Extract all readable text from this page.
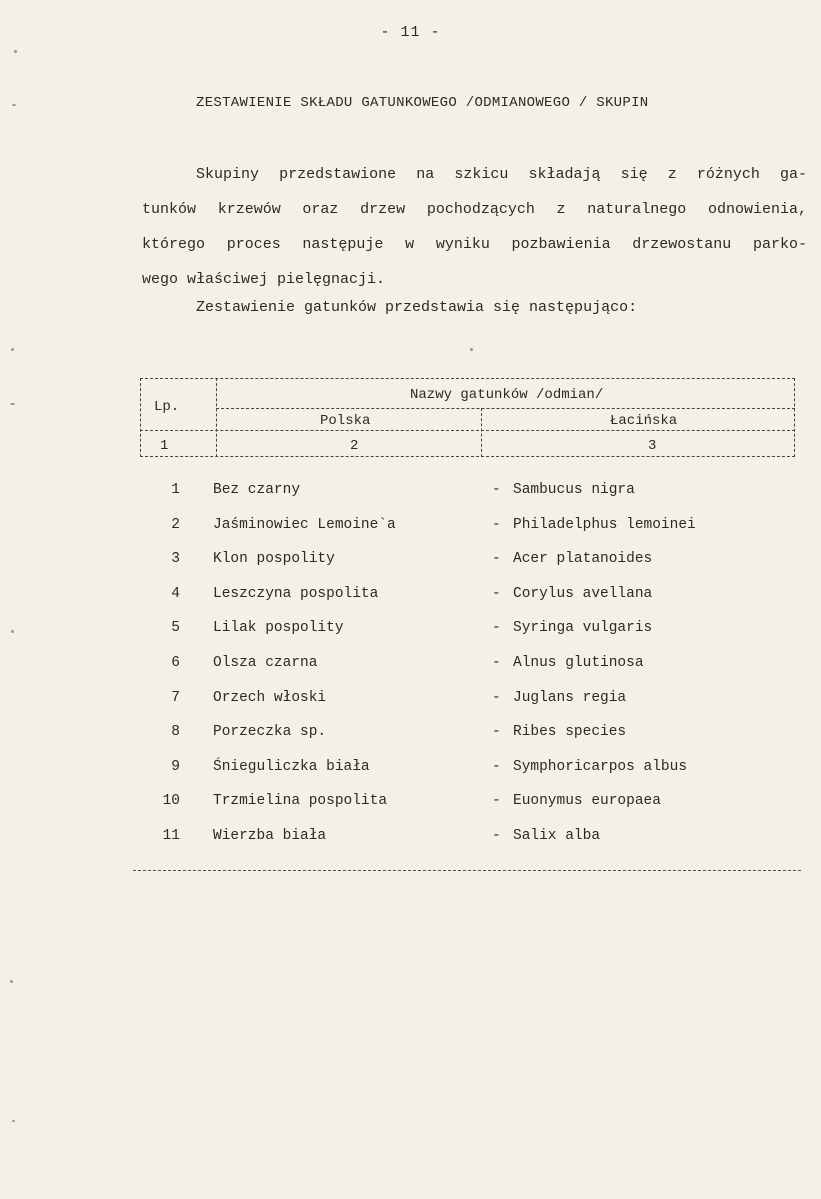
- 11 -
ZESTAWIENIE SKŁADU GATUNKOWEGO /ODMIANOWEGO / SKUPIN
Skupiny przedstawione na szkicu składają się z różnych ga-
tunków krzewów oraz drzew pochodzących z naturalnego odnowienia,
którego proces następuje w wyniku pozbawienia drzewostanu parko-
wego właściwej pielęgnacji.
Zestawienie gatunków przedstawia się następująco:
Lp.
Nazwy gatunków /odmian/
Polska	Łacińska
1	2	3
1 Bez czarny	- Sambucus nigra
2 Jaśminowiec Lemoine`a	- Philadelphus lemoinei
3 Klon pospolity	- Acer platanoides
4 Leszczyna pospolita	- Corylus avellana
5 Lilak pospolity	- Syringa vulgaris
6 Olsza czarna	- Alnus glutinosa
7 Orzech włoski	- Juglans regia
8 Porzeczka sp.	- Ribes species
9 Śnieguliczka biała	- Symphoricarpos albus
10 Trzmielina pospolita	- Euonymus europaea
11 Wierzba biała	- Salix alba
